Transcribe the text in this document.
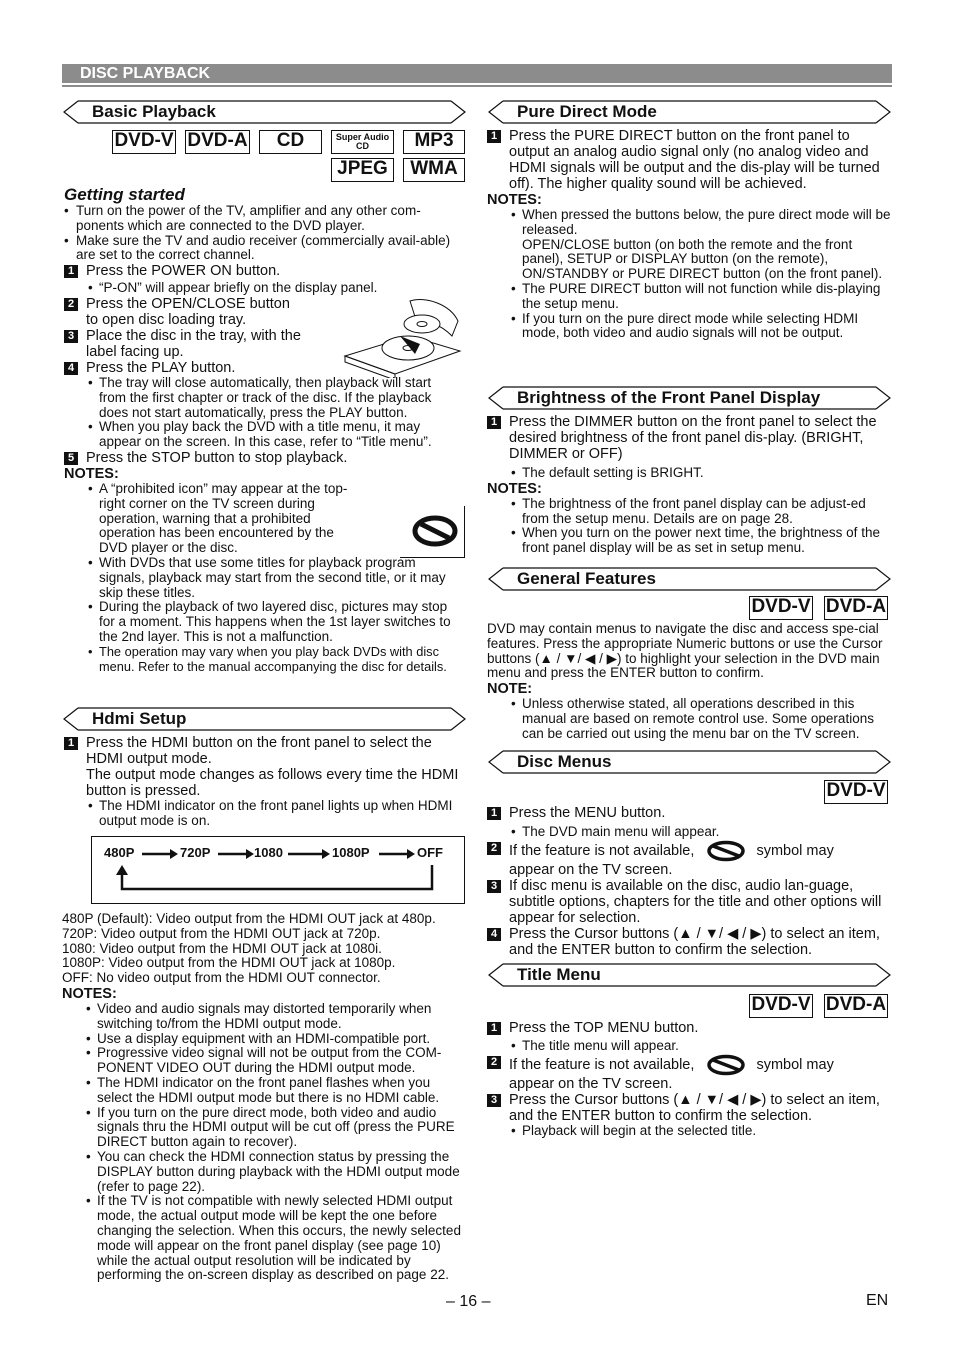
DISC PLAYBACK
Basic Playback
DVD-V DVD-A	CD	Super Audio CD	MP3
JPEG	WMA
Getting started
• Turn on the power of the TV, amplifier and any other com-ponents which are connected to the DVD player.
• Make sure the TV and audio receiver (commercially avail-able) are set to the correct channel.
1 Press the POWER ON button.
• “P-ON” will appear briefly on the display panel.
2 Press the OPEN/CLOSE button
to open disc loading tray.
3 Place the disc in the tray, with the
label facing up.
4 Press the PLAY button.
• The tray will close automatically, then playback will start from the first chapter or track of the disc. If the playback does not start automatically, press the PLAY button.
• When you play back the DVD with a title menu, it may appear on the screen. In this case, refer to “Title menu”.
5 Press the STOP button to stop playback.
NOTES:
• A “prohibited icon” may appear at the top-right corner on the TV screen during operation, warning that a prohibited operation has been encountered by the DVD player or the disc.
• With DVDs that use some titles for playback program signals, playback may start from the second title, or it may skip these titles.
• During the playback of two layered disc, pictures may stop for a moment. This happens when the 1st layer switches to the 2nd layer. This is not a malfunction.
• The operation may vary when you play back DVDs with disc menu. Refer to the manual accompanying the disc for details.
Hdmi Setup
1 Press the HDMI button on the front panel to select the HDMI output mode.
The output mode changes as follows every time the HDMI button is pressed.
• The HDMI indicator on the front panel lights up when HDMI output mode is on.
480P	720P	1080	1080P	OFF
480P (Default): Video output from the HDMI OUT jack at 480p.
720P: Video output from the HDMI OUT jack at 720p.
1080: Video output from the HDMI OUT jack at 1080i.
1080P: Video output from the HDMI OUT jack at 1080p.
OFF: No video output from the HDMI OUT connector.
NOTES:
• Video and audio signals may distorted temporarily when switching to/from the HDMI output mode.
• Use a display equipment with an HDMI-compatible port.
• Progressive video signal will not be output from the COM-PONENT VIDEO OUT during the HDMI output mode.
• The HDMI indicator on the front panel flashes when you select the HDMI output mode but there is no HDMI cable.
• If you turn on the pure direct mode, both video and audio signals thru the HDMI output will be cut off (press the PURE DIRECT button again to recover).
• You can check the HDMI connection status by pressing the DISPLAY button during playback with the HDMI output mode (refer to page 22).
• If the TV is not compatible with newly selected HDMI output mode, the actual output mode will be kept the one before changing the selection. When this occurs, the newly selected mode will appear on the front panel display (see page 10) while the actual output resolution will be indicated by performing the on-screen display as described on page 22.
Pure Direct Mode
1 Press the PURE DIRECT button on the front panel to output an analog audio signal only (no analog video and HDMI signals will be output and the dis-play will be turned off). The higher quality sound will be achieved.
NOTES:
• When pressed the buttons below, the pure direct mode will be released.
OPEN/CLOSE button (on both the remote and the front panel), SETUP or DISPLAY button (on the remote), ON/STANDBY or PURE DIRECT button (on the front panel).
• The PURE DIRECT button will not function while dis-playing the setup menu.
• If you turn on the pure direct mode while selecting HDMI mode, both video and audio signals will not be output.
Brightness of the Front Panel Display
1 Press the DIMMER button on the front panel to select the desired brightness of the front panel dis-play. (BRIGHT, DIMMER or OFF)
• The default setting is BRIGHT.
NOTES:
• The brightness of the front panel display can be adjust-ed from the setup menu. Details are on page 28.
• When you turn on the power next time, the brightness of the front panel display will be as set in setup menu.
General Features
DVD-V DVD-A
DVD may contain menus to navigate the disc and access spe-cial features. Press the appropriate Numeric buttons or use the Cursor buttons (▲ / ▼/ ◀ / ▶) to highlight your selection in the DVD main menu and press the ENTER button to confirm.
NOTE:
• Unless otherwise stated, all operations described in this manual are based on remote control use. Some operations can be carried out using the menu bar on the TV screen.
Disc Menus
DVD-V
1 Press the MENU button.
• The DVD main menu will appear.
2 If the feature is not available,	symbol may
appear on the TV screen.
3 If disc menu is available on the disc, audio lan-guage, subtitle options, chapters for the title and other options will appear for selection.
4 Press the Cursor buttons (▲ / ▼/ ◀ / ▶) to select an item, and the ENTER button to confirm the selection.
Title Menu
DVD-V DVD-A
1 Press the TOP MENU button.
• The title menu will appear.
2 If the feature is not available,	symbol may
appear on the TV screen.
3 Press the Cursor buttons (▲ / ▼/ ◀ / ▶) to select an item, and the ENTER button to confirm the selection.
• Playback will begin at the selected title.
– 16 –	EN
